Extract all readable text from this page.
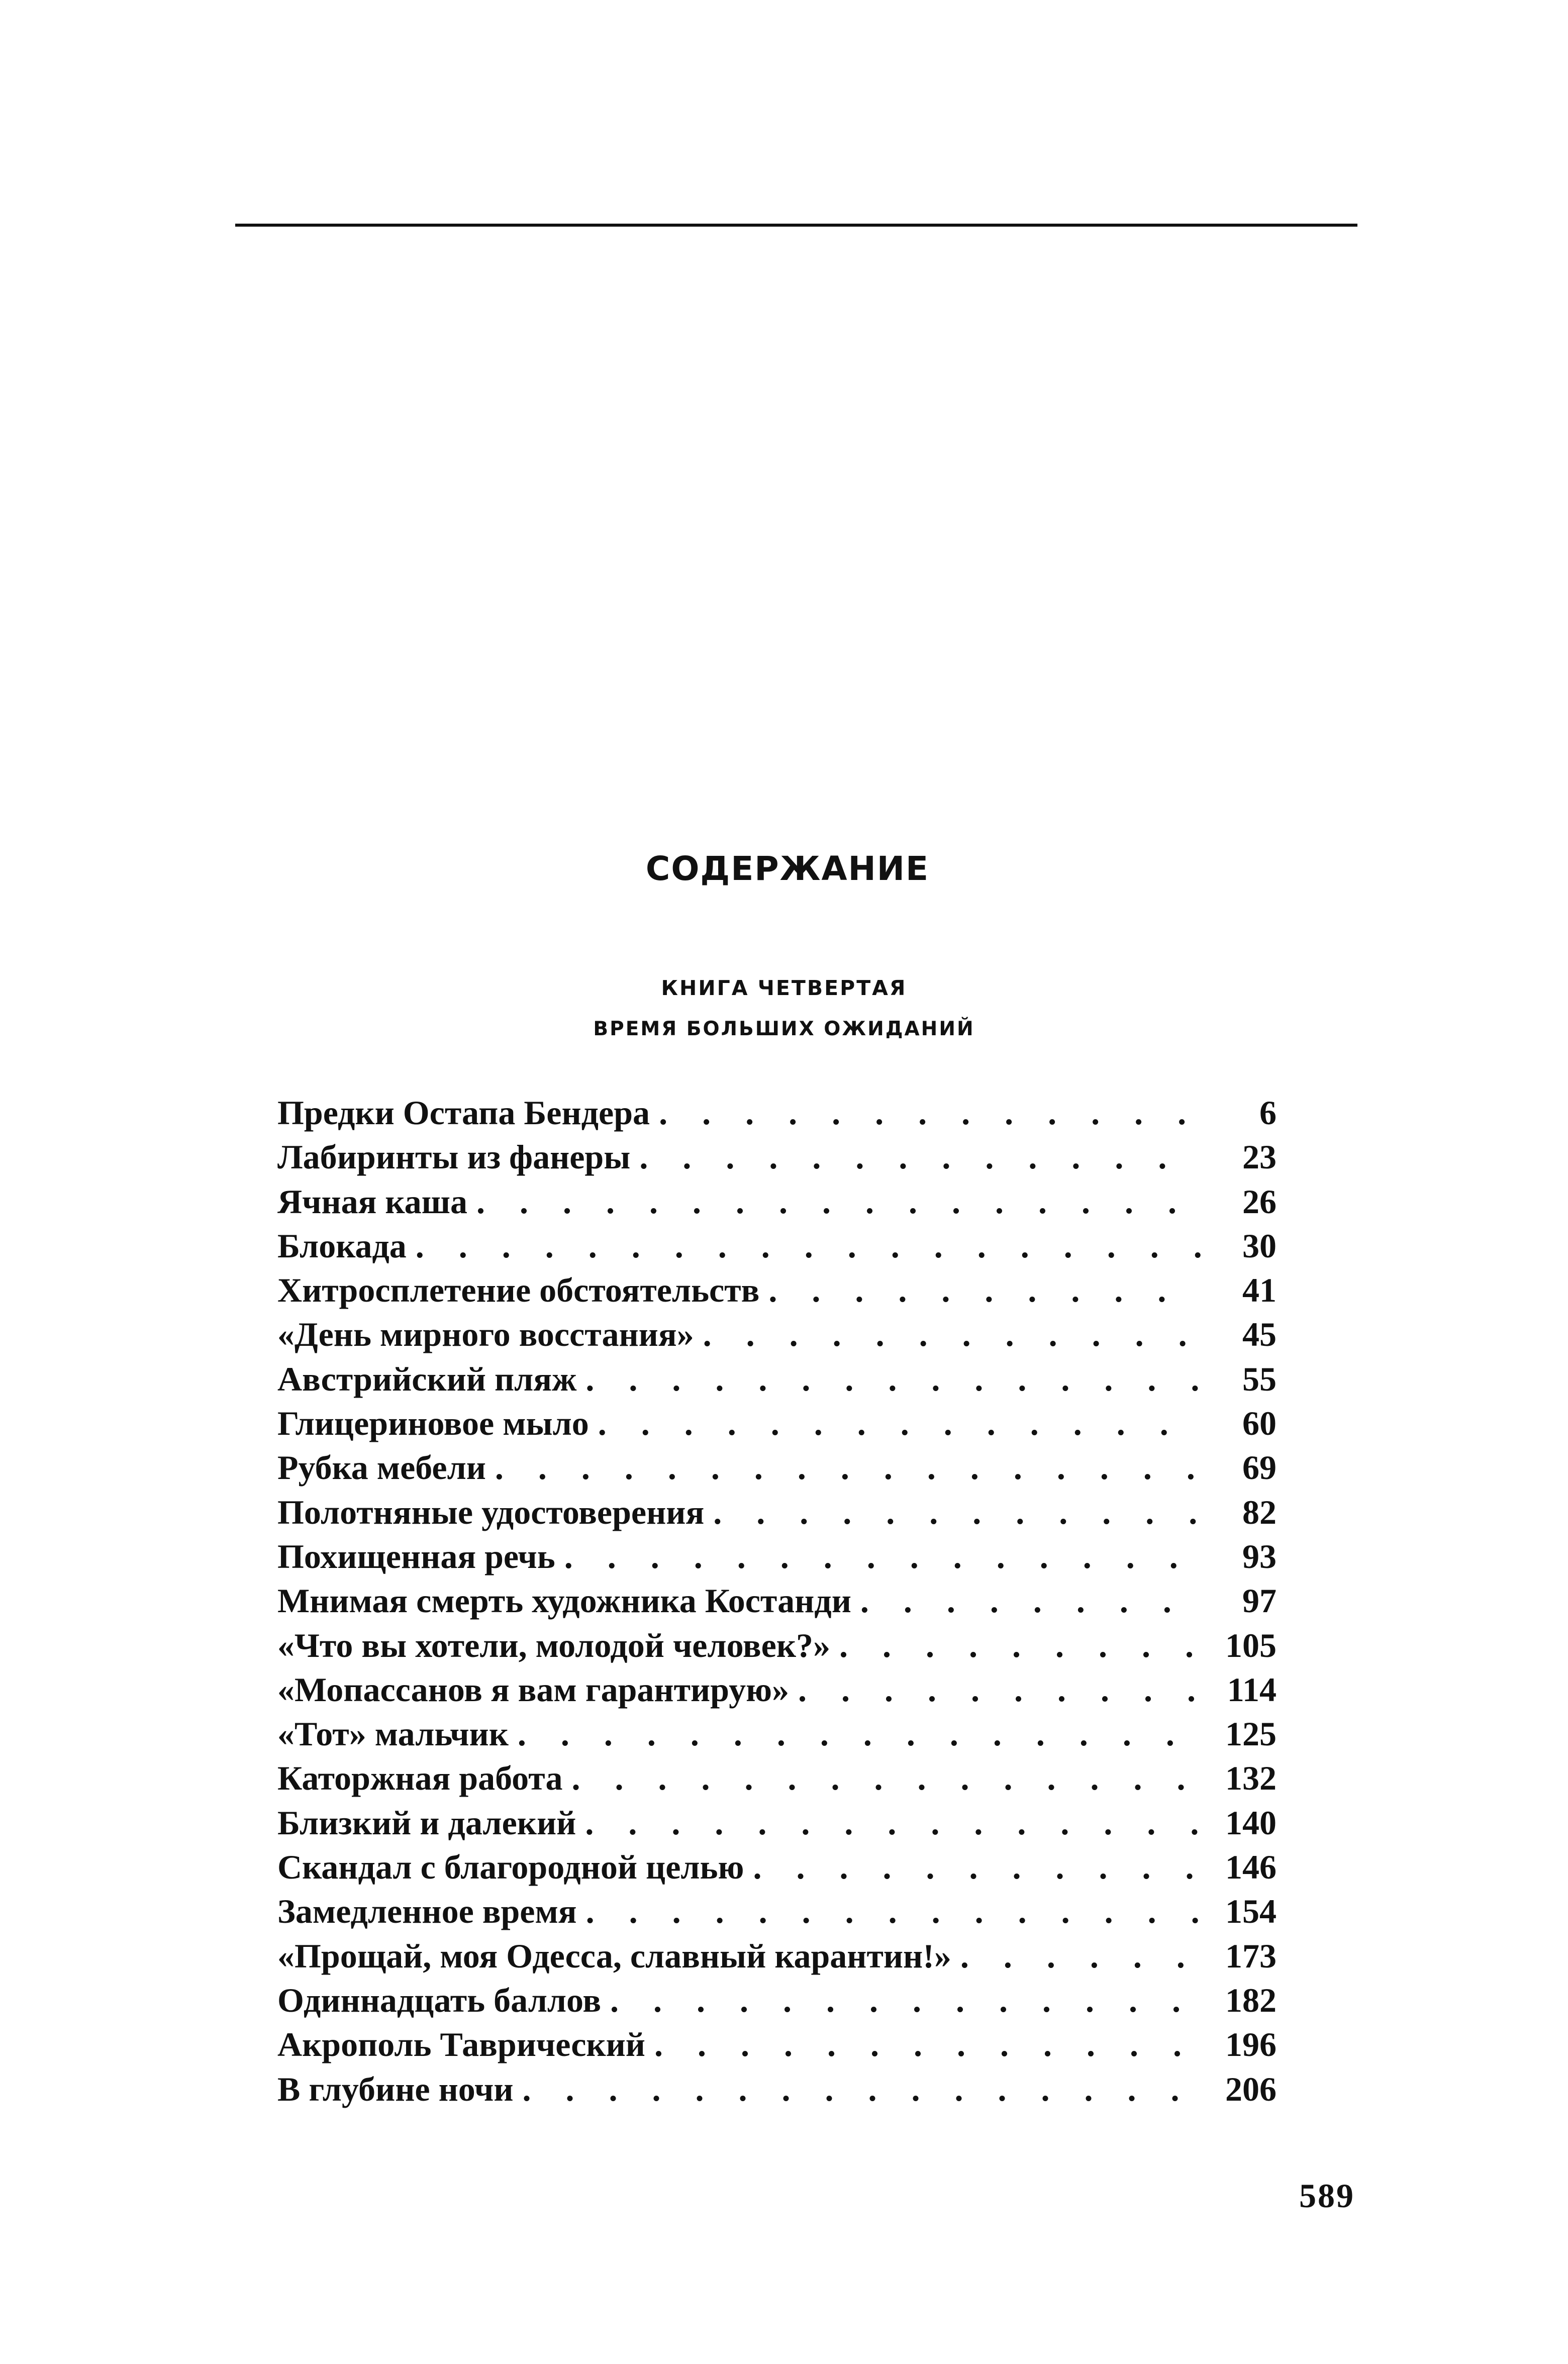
СОДЕРЖАНИЕ
КНИГА ЧЕТВЕРТАЯ
ВРЕМЯ БОЛЬШИХ ОЖИДАНИЙ
Предки Остапа Бендера . . .	6
Лабиринты из фанеры . . .	23
Ячная каша . . .	26
Блокада . . .	30
Хитросплетение обстоятельств . . .	41
«День мирного восстания» . . .	45
Австрийский пляж . . .	55
Глицериновое мыло . . .	60
Рубка мебели . . .	69
Полотняные удостоверения . . .	82
Похищенная речь . . .	93
Мнимая смерть художника Костанди . . .	97
«Что вы хотели, молодой человек?» . . .	105
«Мопассанов я вам гарантирую» . . .	114
«Тот» мальчик . . .	125
Каторжная работа . . .	132
Близкий и далекий . . .	140
Скандал с благородной целью . . .	146
Замедленное время . . .	154
«Прощай, моя Одесса, славный карантин!» . . .	173
Одиннадцать баллов . . .	182
Акрополь Таврический . . .	196
В глубине ночи . . .	206
589
